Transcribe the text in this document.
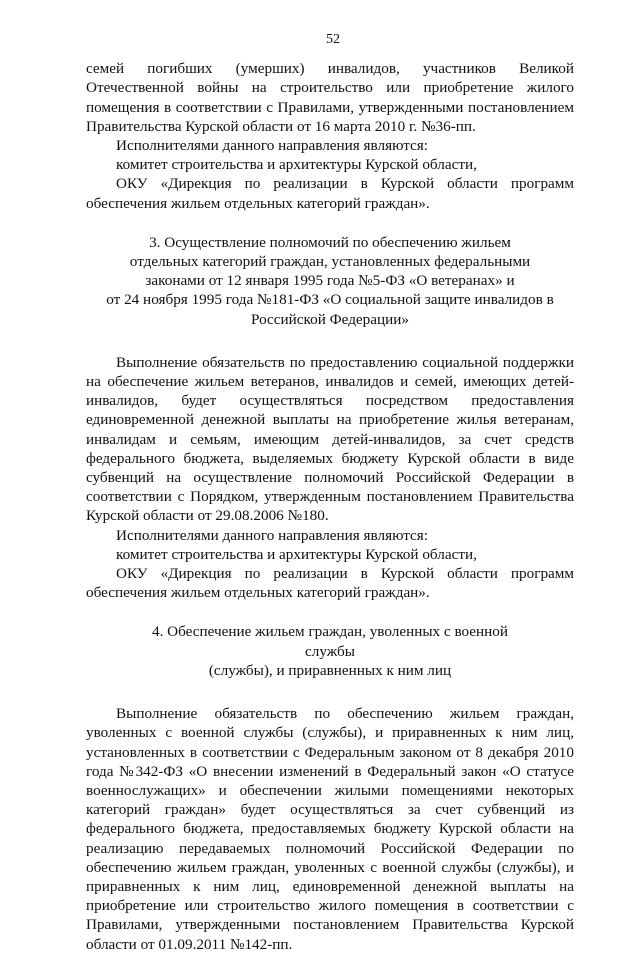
52

семей погибших (умерших) инвалидов, участников Великой Отечественной войны на строительство или приобретение жилого помещения в соответствии с Правилами, утвержденными постановлением Правительства Курской области от 16 марта 2010 г. №36-пп.

Исполнителями данного направления являются:

комитет строительства и архитектуры Курской области,

ОКУ «Дирекция по реализации в Курской области программ обеспечения жильем отдельных категорий граждан».

3. Осуществление полномочий по обеспечению жильем
отдельных категорий граждан, установленных федеральными
законами от 12 января 1995 года №5-ФЗ «О ветеранах» и
от 24 ноября 1995 года №181-ФЗ «О социальной защите инвалидов в
Российской Федерации»

Выполнение обязательств по предоставлению социальной поддержки на обеспечение жильем ветеранов, инвалидов и семей, имеющих детей-инвалидов, будет осуществляться посредством предоставления единовременной денежной выплаты на приобретение жилья ветеранам, инвалидам и семьям, имеющим детей-инвалидов, за счет средств федерального бюджета, выделяемых бюджету Курской области в виде субвенций на осуществление полномочий Российской Федерации в соответствии с Порядком, утвержденным постановлением Правительства Курской области от 29.08.2006 №180.

Исполнителями данного направления являются:

комитет строительства и архитектуры Курской области,

ОКУ «Дирекция по реализации в Курской области программ обеспечения жильем отдельных категорий граждан».

4. Обеспечение жильем граждан, уволенных с военной службы
(службы), и приравненных к ним лиц

Выполнение обязательств по обеспечению жильем граждан, уволенных с военной службы (службы), и приравненных к ним лиц, установленных в соответствии с Федеральным законом от 8 декабря 2010 года №342-ФЗ «О внесении изменений в Федеральный закон «О статусе военнослужащих» и обеспечении жилыми помещениями некоторых категорий граждан» будет осуществляться за счет субвенций из федерального бюджета, предоставляемых бюджету Курской области на реализацию передаваемых полномочий Российской Федерации по обеспечению жильем граждан, уволенных с военной службы (службы), и приравненных к ним лиц, единовременной денежной выплаты на приобретение или строительство жилого помещения в соответствии с Правилами, утвержденными постановлением Правительства Курской области от 01.09.2011 №142-пп.
